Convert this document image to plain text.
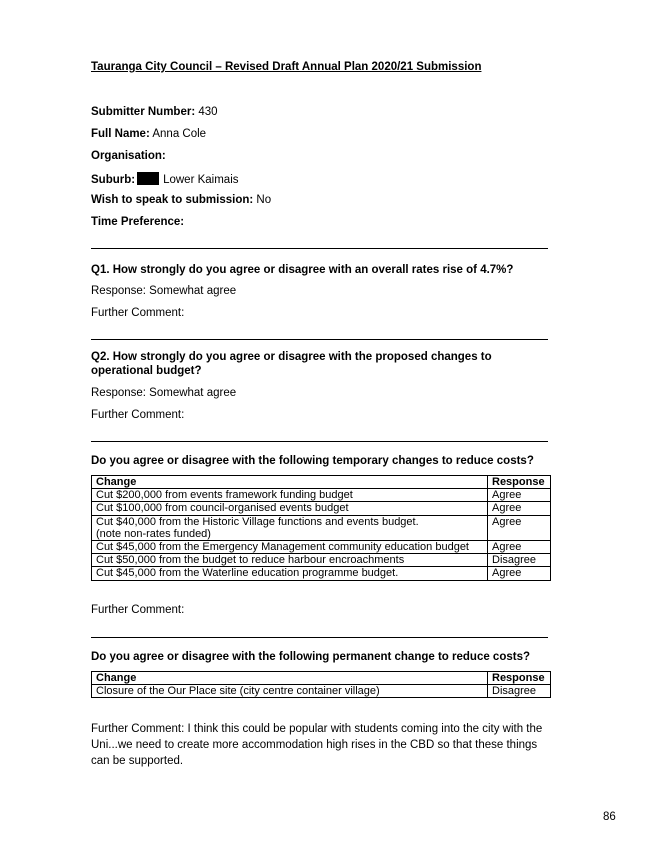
Tauranga City Council – Revised Draft Annual Plan 2020/21 Submission
Submitter Number: 430
Full Name: Anna Cole
Organisation:
Suburb: Lower Kaimais
Wish to speak to submission: No
Time Preference:
Q1. How strongly do you agree or disagree with an overall rates rise of 4.7%?
Response: Somewhat agree
Further Comment:
Q2. How strongly do you agree or disagree with the proposed changes to operational budget?
Response: Somewhat agree
Further Comment:
Do you agree or disagree with the following temporary changes to reduce costs?
Change	Response
Cut $200,000 from events framework funding budget	Agree
Cut $100,000 from council-organised events budget	Agree
Cut $40,000 from the Historic Village functions and events budget. (note non-rates funded)	Agree
Cut $45,000 from the Emergency Management community education budget	Agree
Cut $50,000 from the budget to reduce harbour encroachments	Disagree
Cut $45,000 from the Waterline education programme budget.	Agree
Further Comment:
Do you agree or disagree with the following permanent change to reduce costs?
Change	Response
Closure of the Our Place site (city centre container village)	Disagree
Further Comment: I think this could be popular with students coming into the city with the Uni...we need to create more accommodation high rises in the CBD so that these things can be supported.
86
